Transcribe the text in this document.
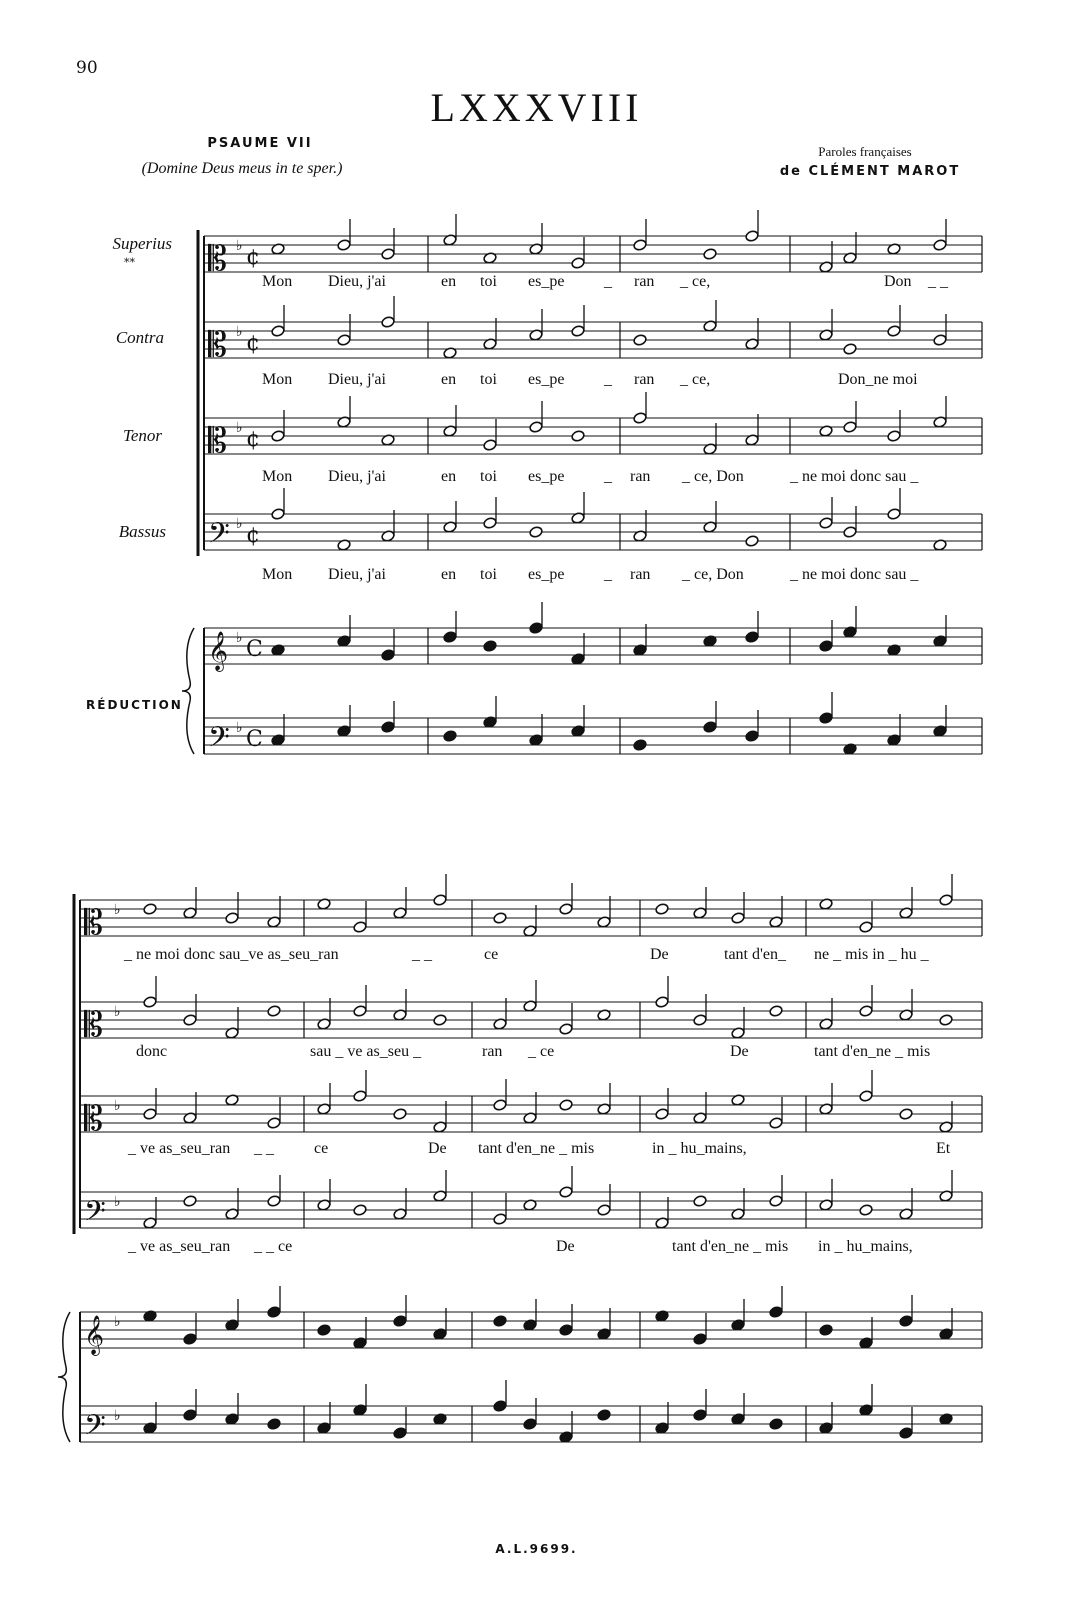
90
LXXXVIII
PSAUME VII
(Domine Deus meus in te sper.)
Paroles françaises
de CLÉMENT MAROT
Superius
**
Contra
Tenor
Bassus
RÉDUCTION
A.L.9699.
Mon Dieu, j'ai	en toi es_pe _ ran _ ce,	Don _ _
Mon Dieu, j'ai	en toi es_pe _ ran _ ce,	Don_ne moi
Mon Dieu, j'ai	en toi es_pe _ ran _ ce, Don	_ ne moi donc sau _
Mon Dieu, j'ai	en toi es_pe _ ran _ ce, Don	_ ne moi donc sau _
_ ne moi donc sau_ve as_seu_ran	_ _	ce	De	tant d'en_ ne _ mis in _ hu _
donc	sau _ ve as_seu _	ran _ ce	De	tant d'en_ne _ mis
_ ve as_seu_ran _ _	ce	De tant d'en_ne _ mis	in _ hu_mains,	Et
_ ve as_seu_ran _ _ ce	De	tant d'en_ne _ mis in _ hu_mains,
𝄡 ♭ ¢
𝄡 ♭ ¢
𝄡 ♭ ¢
𝄢 ♭ ¢
𝄞 ♭ C
𝄢 ♭ C
𝄡 ♭
𝄡 ♭
𝄡 ♭
𝄢 ♭
𝄞 ♭
𝄢 ♭
